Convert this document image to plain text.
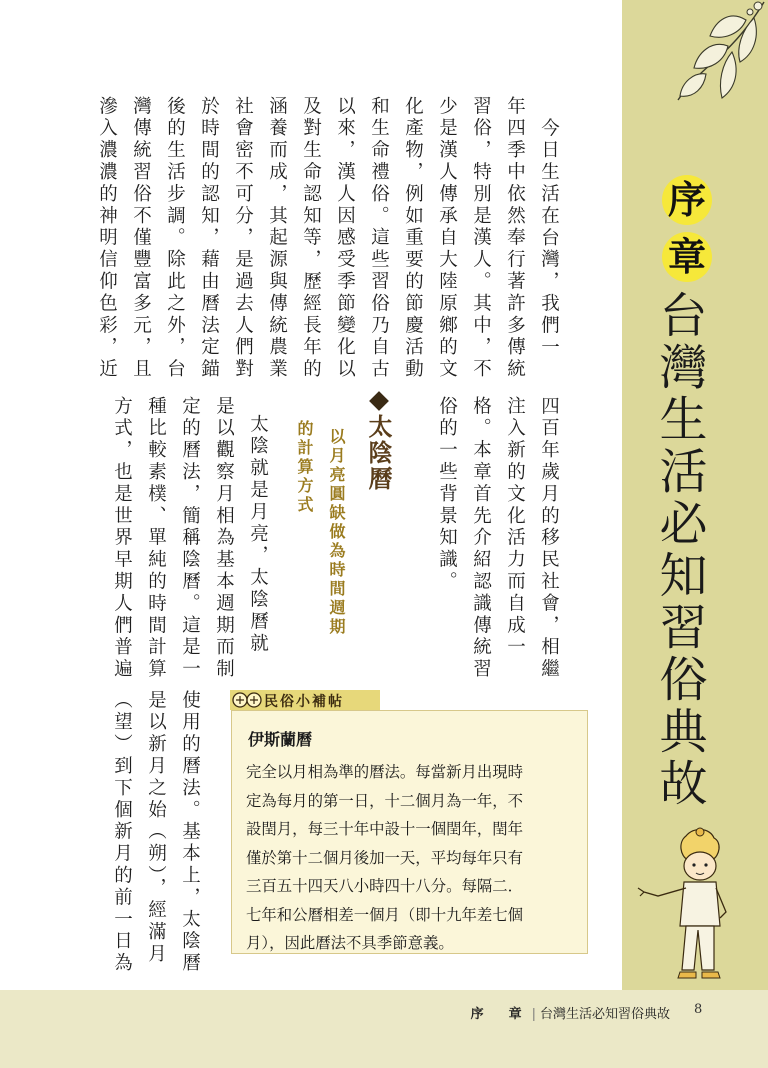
序
章
台灣生活必知習俗典故
今日生活在台灣，我們一
年四季中依然奉行著許多傳統
習俗，特別是漢人。其中，不
少是漢人傳承自大陸原鄉的文
化產物，例如重要的節慶活動
和生命禮俗。這些習俗乃自古
以來，漢人因感受季節變化以
及對生命認知等，歷經長年的
涵養而成，其起源與傳統農業
社會密不可分，是過去人們對
於時間的認知，藉由曆法定錨
後的生活步調。除此之外，台
灣傳統習俗不僅豐富多元，且
滲入濃濃的神明信仰色彩，近
四百年歲月的移民社會，相繼
注入新的文化活力而自成一
格。本章首先介紹認識傳統習
俗的一些背景知識。
太陰曆
以月亮圓缺做為時間週期
的計算方式
太陰就是月亮，太陰曆就
是以觀察月相為基本週期而制
定的曆法，簡稱陰曆。這是一
種比較素樸、單純的時間計算
方式，也是世界早期人們普遍
使用的曆法。基本上，太陰曆
是以新月之始（朔），經滿月
（望）到下個新月的前一日為	民俗小補帖
伊斯蘭曆

完全以月相為準的曆法。每當新月出現時

定為每月的第一日，十二個月為一年，不

設閏月，每三十年中設十一個閏年，閏年

僅於第十二個月後加一天，平均每年只有

三百五十四天八小時四十八分。每隔二．

七年和公曆相差一個月（即十九年差七個

月），因此曆法不具季節意義。

序　章 | 台灣生活必知習俗典故 8
